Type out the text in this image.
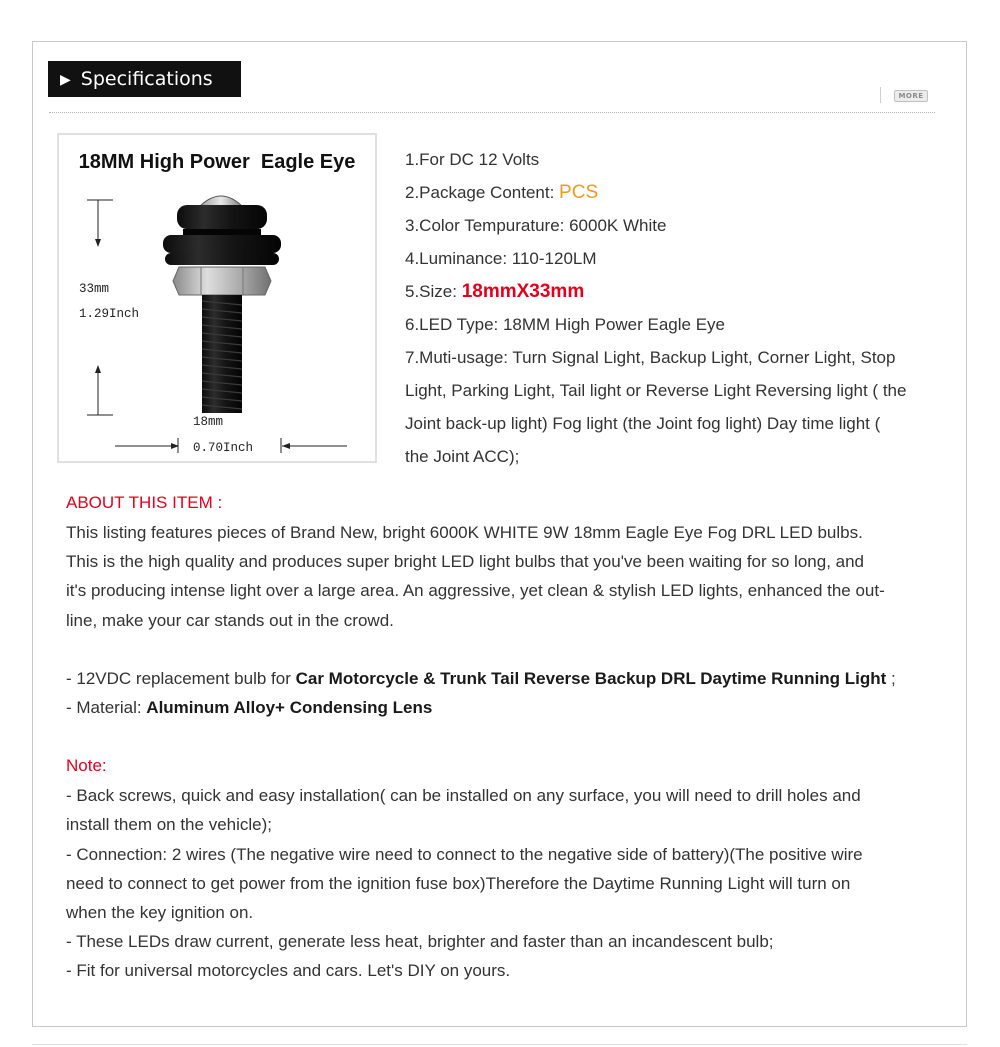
▶ Specifications
MORE
18MM High Power  Eagle Eye
33mm
1.29Inch
18mm
0.70Inch
1.For DC 12 Volts
2.Package Content: PCS
3.Color Tempurature: 6000K White
4.Luminance: 110-120LM
5.Size: 18mmX33mm
6.LED Type: 18MM High Power Eagle Eye
7.Muti-usage: Turn Signal Light, Backup Light, Corner Light, Stop
Light, Parking Light, Tail light or Reverse Light Reversing light ( the
Joint back-up light) Fog light (the Joint fog light) Day time light (
the Joint ACC);
ABOUT THIS ITEM :
This listing features pieces of Brand New, bright 6000K WHITE 9W 18mm Eagle Eye Fog DRL LED bulbs.
This is the high quality and produces super bright LED light bulbs that you've been waiting for so long, and
it's producing intense light over a large area. An aggressive, yet clean & stylish LED lights, enhanced the out-
line, make your car stands out in the crowd.
- 12VDC replacement bulb for Car Motorcycle & Trunk Tail Reverse Backup DRL Daytime Running Light ;
- Material: Aluminum Alloy+ Condensing Lens
Note:
- Back screws, quick and easy installation( can be installed on any surface, you will need to drill holes and
install them on the vehicle);
- Connection: 2 wires (The negative wire need to connect to the negative side of battery)(The positive wire
need to connect to get power from the ignition fuse box)Therefore the Daytime Running Light will turn on
when the key ignition on.
- These LEDs draw current, generate less heat, brighter and faster than an incandescent bulb;
- Fit for universal motorcycles and cars. Let's DIY on yours.
